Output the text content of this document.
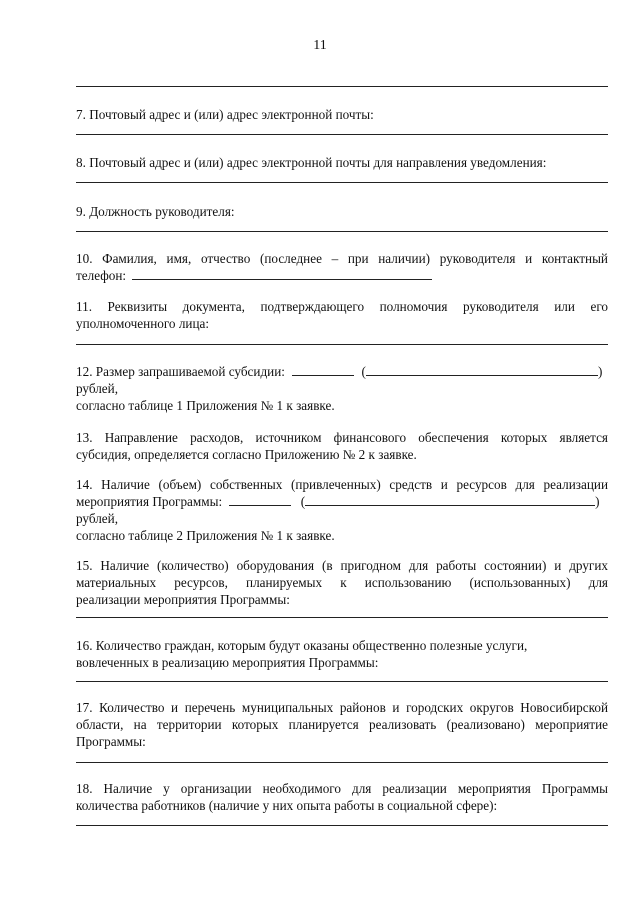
11
7. Почтовый адрес и (или) адрес электронной почты:
8. Почтовый адрес и (или) адрес электронной почты для направления уведомления:
9. Должность руководителя:
10. Фамилия, имя, отчество (последнее – при наличии) руководителя и контактный
телефон:
11. Реквизиты документа, подтверждающего полномочия руководителя или его
уполномоченного лица:
12. Размер запрашиваемой субсидии:	(	)
рублей,
согласно таблице 1 Приложения № 1 к заявке.
13. Направление расходов, источником финансового обеспечения которых является
субсидия, определяется согласно Приложению № 2 к заявке.
14. Наличие (объем) собственных (привлеченных) средств и ресурсов для реализации
мероприятия Программы:	(	)
рублей,
согласно таблице 2 Приложения № 1 к заявке.
15. Наличие (количество) оборудования (в пригодном для работы состоянии) и других
материальных ресурсов, планируемых к использованию (использованных) для
реализации мероприятия Программы:
16. Количество граждан, которым будут оказаны общественно полезные услуги,
вовлеченных в реализацию мероприятия Программы:
17. Количество и перечень муниципальных районов и городских округов Новосибирской
области, на территории которых планируется реализовать (реализовано) мероприятие
Программы:
18. Наличие у организации необходимого для реализации мероприятия Программы
количества работников (наличие у них опыта работы в социальной сфере):
